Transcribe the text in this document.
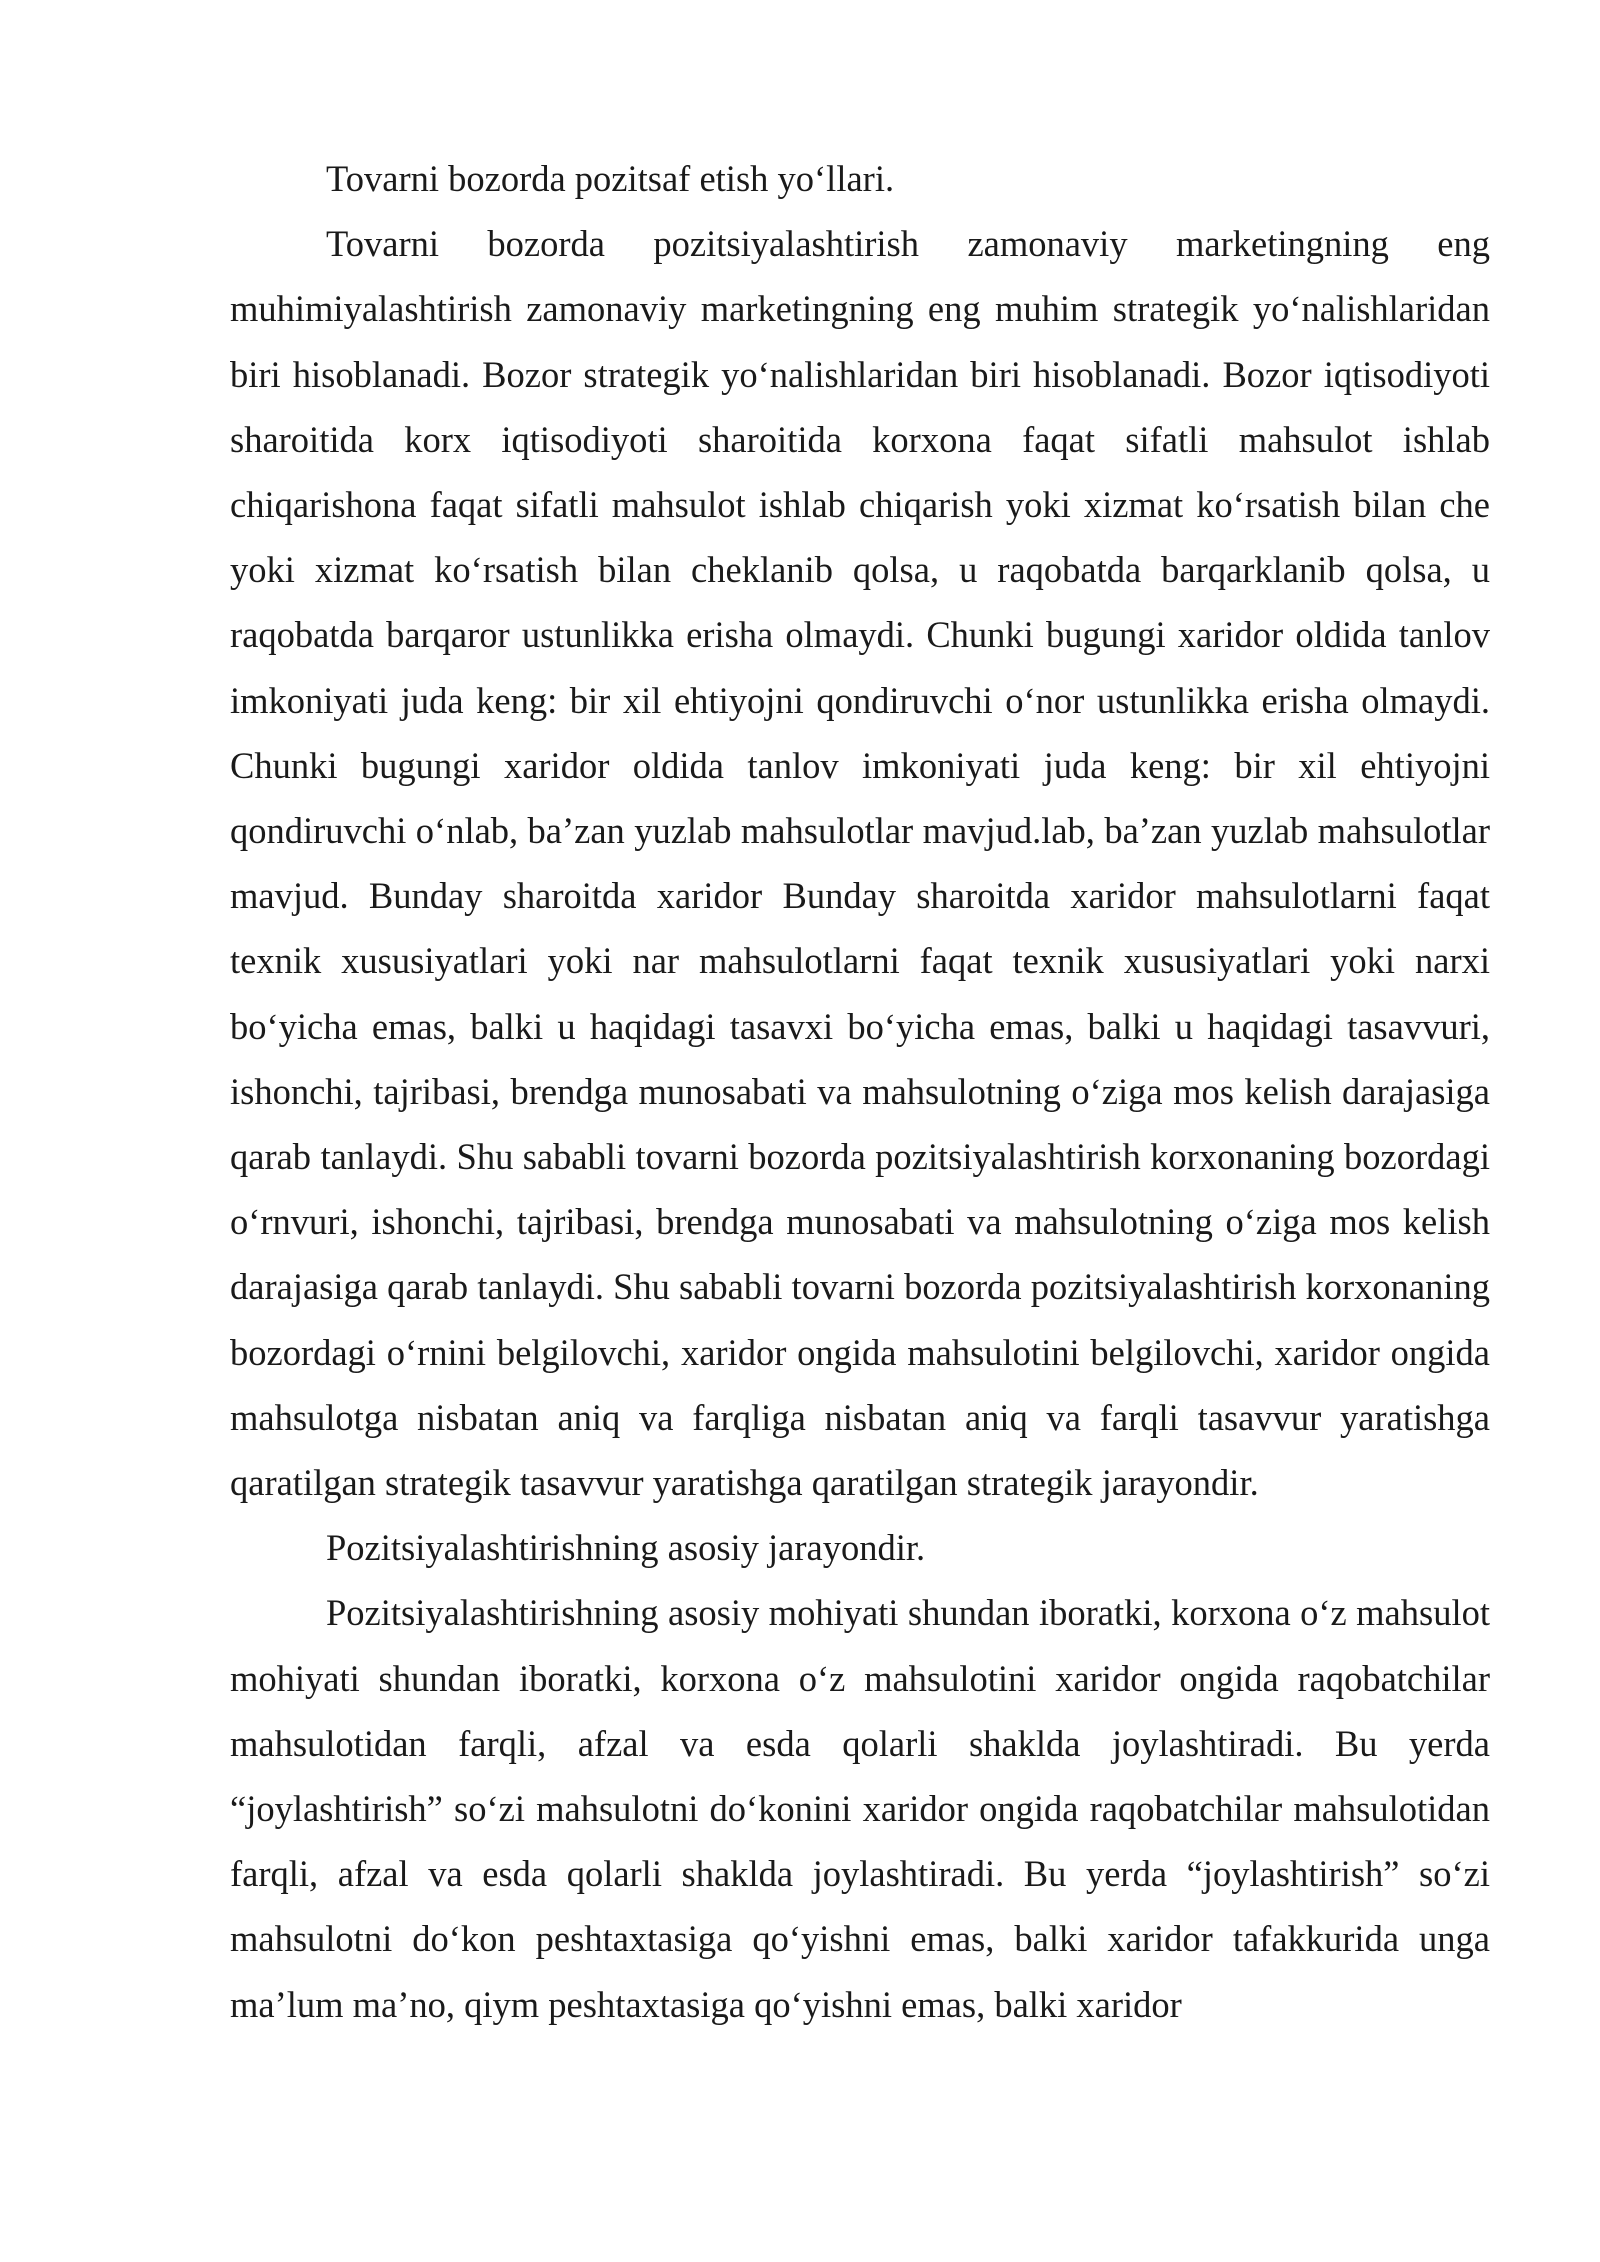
Tovarni bozorda pozitsaf etish yo‘llari.

Tovarni bozorda pozitsiyalashtirish zamonaviy marketingning eng muhimiyalashtirish zamonaviy marketingning eng muhim strategik yo‘nalishlaridan biri hisoblanadi. Bozor strategik yo‘nalishlaridan biri hisoblanadi. Bozor iqtisodiyoti sharoitida korx iqtisodiyoti sharoitida korxona faqat sifatli mahsulot ishlab chiqarishona faqat sifatli mahsulot ishlab chiqarish yoki xizmat ko‘rsatish bilan che yoki xizmat ko‘rsatish bilan cheklanib qolsa, u raqobatda barqarklanib qolsa, u raqobatda barqaror ustunlikka erisha olmaydi. Chunki bugungi xaridor oldida tanlov imkoniyati juda keng: bir xil ehtiyojni qondiruvchi o‘nor ustunlikka erisha olmaydi. Chunki bugungi xaridor oldida tanlov imkoniyati juda keng: bir xil ehtiyojni qondiruvchi o‘nlab, ba’zan yuzlab mahsulotlar mavjud.lab, ba’zan yuzlab mahsulotlar mavjud. Bunday sharoitda xaridor Bunday sharoitda xaridor mahsulotlarni faqat texnik xususiyatlari yoki nar mahsulotlarni faqat texnik xususiyatlari yoki narxi bo‘yicha emas, balki u haqidagi tasavxi bo‘yicha emas, balki u haqidagi tasavvuri, ishonchi, tajribasi, brendga munosabati va mahsulotning o‘ziga mos kelish darajasiga qarab tanlaydi. Shu sababli tovarni bozorda pozitsiyalashtirish korxonaning bozordagi o‘rnvuri, ishonchi, tajribasi, brendga munosabati va mahsulotning o‘ziga mos kelish darajasiga qarab tanlaydi. Shu sababli tovarni bozorda pozitsiyalashtirish korxonaning bozordagi o‘rnini belgilovchi, xaridor ongida mahsulotini belgilovchi, xaridor ongida mahsulotga nisbatan aniq va farqliga nisbatan aniq va farqli tasavvur yaratishga qaratilgan strategik tasavvur yaratishga qaratilgan strategik jarayondir.

Pozitsiyalashtirishning asosiy jarayondir.

Pozitsiyalashtirishning asosiy mohiyati shundan iboratki, korxona o‘z mahsulot mohiyati shundan iboratki, korxona o‘z mahsulotini xaridor ongida raqobatchilar mahsulotidan farqli, afzal va esda qolarli shaklda joylashtiradi. Bu yerda “joylashtirish” so‘zi mahsulotni do‘konini xaridor ongida raqobatchilar mahsulotidan farqli, afzal va esda qolarli shaklda joylashtiradi. Bu yerda “joylashtirish” so‘zi mahsulotni do‘kon peshtaxtasiga qo‘yishni emas, balki xaridor tafakkurida unga ma’lum ma’no, qiym peshtaxtasiga qo‘yishni emas, balki xaridor
